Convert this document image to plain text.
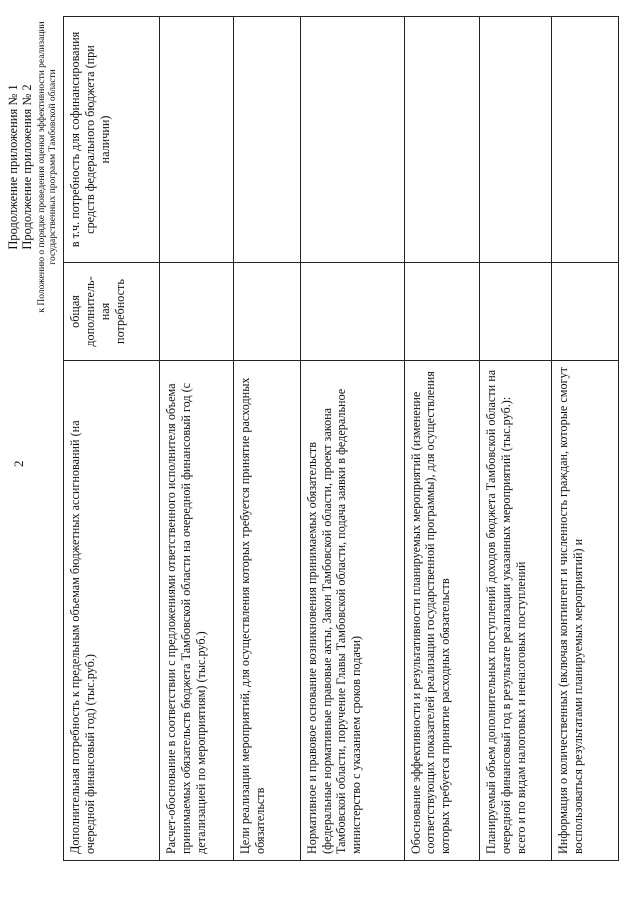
2
Продолжение приложения № 1 Продолжение приложения № 2 к Положению о порядке проведения оценки эффективности реализации государственных программ Тамбовской области
Дополнительная потребность к предельным объемам бюджетных ассигнований (на очередной финансовый год) (тыс.руб.)	общая дополнитель-ная потребность	в т.ч. потребность для софинансирования средств федерального бюджета (при наличии)
Расчет-обоснование в соответствии с предложениями ответственного исполнителя объема принимаемых обязательств бюджета Тамбовской области на очередной финансовый год (с детализацией по мероприятиям) (тыс.руб.)		
Цели реализации мероприятий, для осуществления которых требуется принятие расходных обязательств		
Нормативное и правовое основание возникновения принимаемых обязательств (федеральные нормативные правовые акты, Закон Тамбовской области, проект закона Тамбовской области, поручение Главы Тамбовской области, подача заявки в федеральное министерство с указанием сроков подачи)		
Обоснование эффективности и результативности планируемых мероприятий (изменение соответствующих показателей реализации государственной программы), для осуществления которых требуется принятие расходных обязательств		
Планируемый объем дополнительных поступлений доходов бюджета Тамбовской области на очередной финансовый год в результате реализации указанных мероприятий (тыс.руб.): всего и по видам налоговых и нена:оговых поступлений		
Информация о количественных (включая контингент и численность граждан, которые смогут воспользоваться результатами планируемых мероприятий) и		
